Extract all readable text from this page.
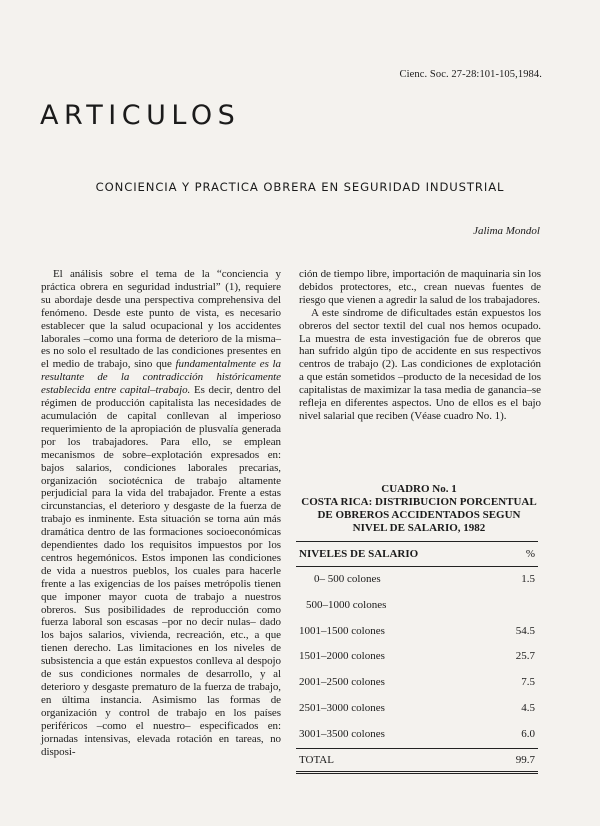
Cienc. Soc. 27-28:101-105,1984.
ARTICULOS
CONCIENCIA Y PRACTICA OBRERA EN SEGURIDAD INDUSTRIAL
Jalima Mondol

El análisis sobre el tema de la “conciencia y práctica obrera en seguridad industrial” (1), requiere su abordaje desde una perspectiva comprehensiva del fenómeno. Desde este punto de vista, es necesario establecer que la salud ocupacional y los accidentes laborales –como una forma de deterioro de la misma– es no solo el resultado de las condiciones presentes en el medio de trabajo, sino que fundamentalmente es la resultante de la contradicción históricamente establecida entre capital–trabajo. Es decir, dentro del régimen de producción capitalista las necesidades de acumulación de capital conllevan al imperioso requerimiento de la apropiación de plusvalía generada por los trabajadores. Para ello, se emplean mecanismos de sobre–explotación expresados en: bajos salarios, condiciones laborales precarias, organización sociotécnica de trabajo altamente perjudicial para la vida del trabajador. Frente a estas circunstancias, el deterioro y desgaste de la fuerza de trabajo es inminente. Esta situación se torna aún más dramática dentro de las formaciones socioeconómicas dependientes dado los requisitos impuestos por los centros hegemónicos. Estos imponen las condiciones de vida a nuestros pueblos, los cuales para hacerle frente a las exigencias de los países metrópolis tienen que imponer mayor cuota de trabajo a nuestros obreros. Sus posibilidades de reproducción como fuerza laboral son escasas –por no decir nulas– dado los bajos salarios, vivienda, recreación, etc., a que tienen derecho. Las limitaciones en los niveles de subsistencia a que están expuestos conlleva al despojo de sus condiciones normales de desarrollo, y al deterioro y desgaste prematuro de la fuerza de trabajo, en última instancia. Asimismo las formas de organización y control de trabajo en los países periféricos –como el nuestro– especificados en: jornadas intensivas, elevada rotación en tareas, no disposi-

ción de tiempo libre, importación de maquinaria sin los debidos protectores, etc., crean nuevas fuentes de riesgo que vienen a agredir la salud de los trabajadores.

A este síndrome de dificultades están expuestos los obreros del sector textil del cual nos hemos ocupado. La muestra de esta investigación fue de obreros que han sufrido algún tipo de accidente en sus respectivos centros de trabajo (2). Las condiciones de explotación a que están sometidos –producto de la necesidad de los capitalistas de maximizar la tasa media de ganancia–se refleja en diferentes aspectos. Uno de ellos es el bajo nivel salarial que reciben (Véase cuadro No. 1).

CUADRO No. 1
COSTA RICA: DISTRIBUCION PORCENTUAL
DE OBREROS ACCIDENTADOS SEGUN
NIVEL DE SALARIO, 1982
NIVELES DE SALARIO	%
0– 500 colones	1.5
500–1000 colones
1001–1500 colones	54.5
1501–2000 colones	25.7
2001–2500 colones	7.5
2501–3000 colones	4.5
3001–3500 colones	6.0
TOTAL	99.7
